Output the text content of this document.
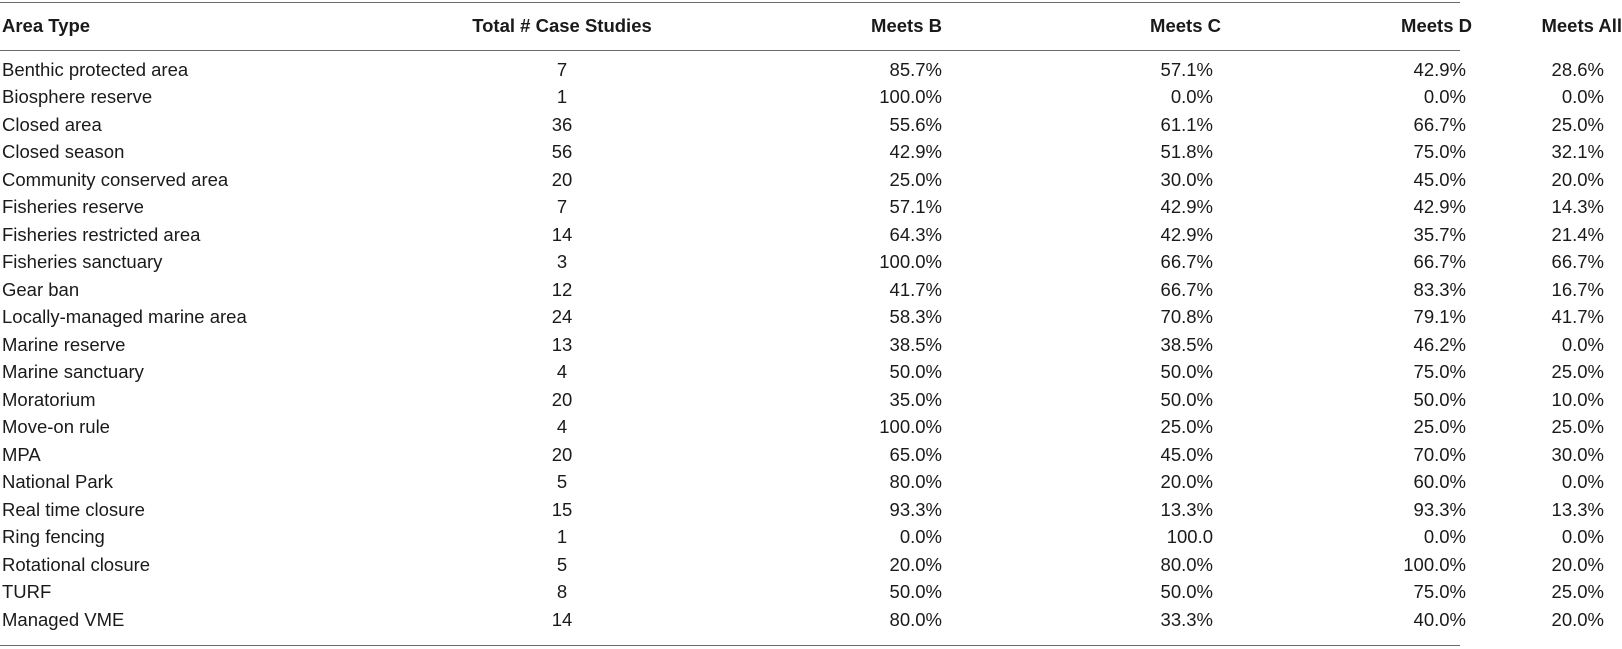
Area Type	Total # Case Studies	Meets B	Meets C	Meets D	Meets All

Benthic protected area	7	85.7%	57.1%	42.9%	28.6%
Biosphere reserve	1	100.0%	0.0%	0.0%	0.0%
Closed area	36	55.6%	61.1%	66.7%	25.0%
Closed season	56	42.9%	51.8%	75.0%	32.1%
Community conserved area	20	25.0%	30.0%	45.0%	20.0%
Fisheries reserve	7	57.1%	42.9%	42.9%	14.3%
Fisheries restricted area	14	64.3%	42.9%	35.7%	21.4%
Fisheries sanctuary	3	100.0%	66.7%	66.7%	66.7%
Gear ban	12	41.7%	66.7%	83.3%	16.7%
Locally-managed marine area	24	58.3%	70.8%	79.1%	41.7%
Marine reserve	13	38.5%	38.5%	46.2%	0.0%
Marine sanctuary	4	50.0%	50.0%	75.0%	25.0%
Moratorium	20	35.0%	50.0%	50.0%	10.0%
Move-on rule	4	100.0%	25.0%	25.0%	25.0%
MPA	20	65.0%	45.0%	70.0%	30.0%
National Park	5	80.0%	20.0%	60.0%	0.0%
Real time closure	15	93.3%	13.3%	93.3%	13.3%
Ring fencing	1	0.0%	100.0	0.0%	0.0%
Rotational closure	5	20.0%	80.0%	100.0%	20.0%
TURF	8	50.0%	50.0%	75.0%	25.0%
Managed VME	14	80.0%	33.3%	40.0%	20.0%
